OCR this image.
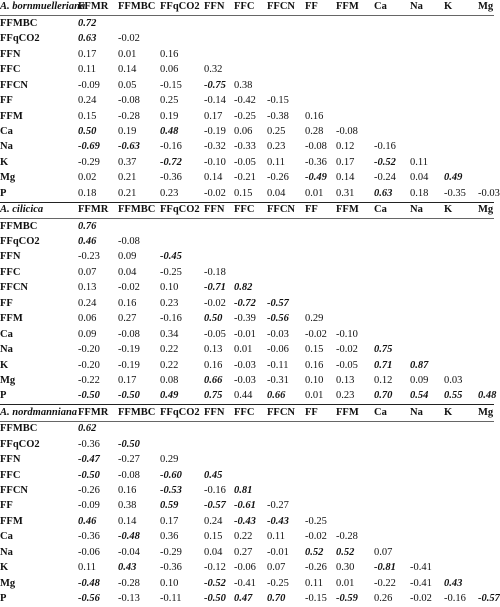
A. bornmuelleriana	FFMR	FFMBC	FFqCO2	FFN	FFC	FFCN	FF	FFM	Ca	Na	K	Mg
FFMBC	0.72											
FFqCO2	0.63	-0.02										
FFN	0.17	0.01	0.16									
FFC	0.11	0.14	0.06	0.32								
FFCN	-0.09	0.05	-0.15	-0.75	0.38							
FF	0.24	-0.08	0.25	-0.14	-0.42	-0.15						
FFM	0.15	-0.28	0.19	0.17	-0.25	-0.38	0.16					
Ca	0.50	0.19	0.48	-0.19	0.06	0.25	0.28	-0.08				
Na	-0.69	-0.63	-0.16	-0.32	-0.33	0.23	-0.08	0.12	-0.16			
K	-0.29	0.37	-0.72	-0.10	-0.05	0.11	-0.36	0.17	-0.52	0.11		
Mg	0.02	0.21	-0.36	0.14	-0.21	-0.26	-0.49	0.14	-0.24	0.04	0.49	
P	0.18	0.21	0.23	-0.02	0.15	0.04	0.01	0.31	0.63	0.18	-0.35	-0.03
A. cilicica	FFMR	FFMBC	FFqCO2	FFN	FFC	FFCN	FF	FFM	Ca	Na	K	Mg
FFMBC	0.76											
FFqCO2	0.46	-0.08										
FFN	-0.23	0.09	-0.45									
FFC	0.07	0.04	-0.25	-0.18								
FFCN	0.13	-0.02	0.10	-0.71	0.82							
FF	0.24	0.16	0.23	-0.02	-0.72	-0.57						
FFM	0.06	0.27	-0.16	0.50	-0.39	-0.56	0.29					
Ca	0.09	-0.08	0.34	-0.05	-0.01	-0.03	-0.02	-0.10				
Na	-0.20	-0.19	0.22	0.13	0.01	-0.06	0.15	-0.02	0.75			
K	-0.20	-0.19	0.22	0.16	-0.03	-0.11	0.16	-0.05	0.71	0.87		
Mg	-0.22	0.17	0.08	0.66	-0.03	-0.31	0.10	0.13	0.12	0.09	0.03	
P	-0.50	-0.50	0.49	0.75	0.44	0.66	0.01	0.23	0.70	0.54	0.55	0.48
A. nordmanniana	FFMR	FFMBC	FFqCO2	FFN	FFC	FFCN	FF	FFM	Ca	Na	K	Mg
FFMBC	0.62											
FFqCO2	-0.36	-0.50										
FFN	-0.47	-0.27	0.29									
FFC	-0.50	-0.08	-0.60	0.45								
FFCN	-0.26	0.16	-0.53	-0.16	0.81							
FF	-0.09	0.38	0.59	-0.57	-0.61	-0.27						
FFM	0.46	0.14	0.17	0.24	-0.43	-0.43	-0.25					
Ca	-0.36	-0.48	0.36	0.15	0.22	0.11	-0.02	-0.28				
Na	-0.06	-0.04	-0.29	0.04	0.27	-0.01	0.52	0.52	0.07			
K	0.11	0.43	-0.36	-0.12	-0.06	0.07	-0.26	0.30	-0.81	-0.41		
Mg	-0.48	-0.28	0.10	-0.52	-0.41	-0.25	0.11	0.01	-0.22	-0.41	0.43	
P	-0.56	-0.13	-0.11	-0.50	0.47	0.70	-0.15	-0.59	0.26	-0.02	-0.16	-0.57
